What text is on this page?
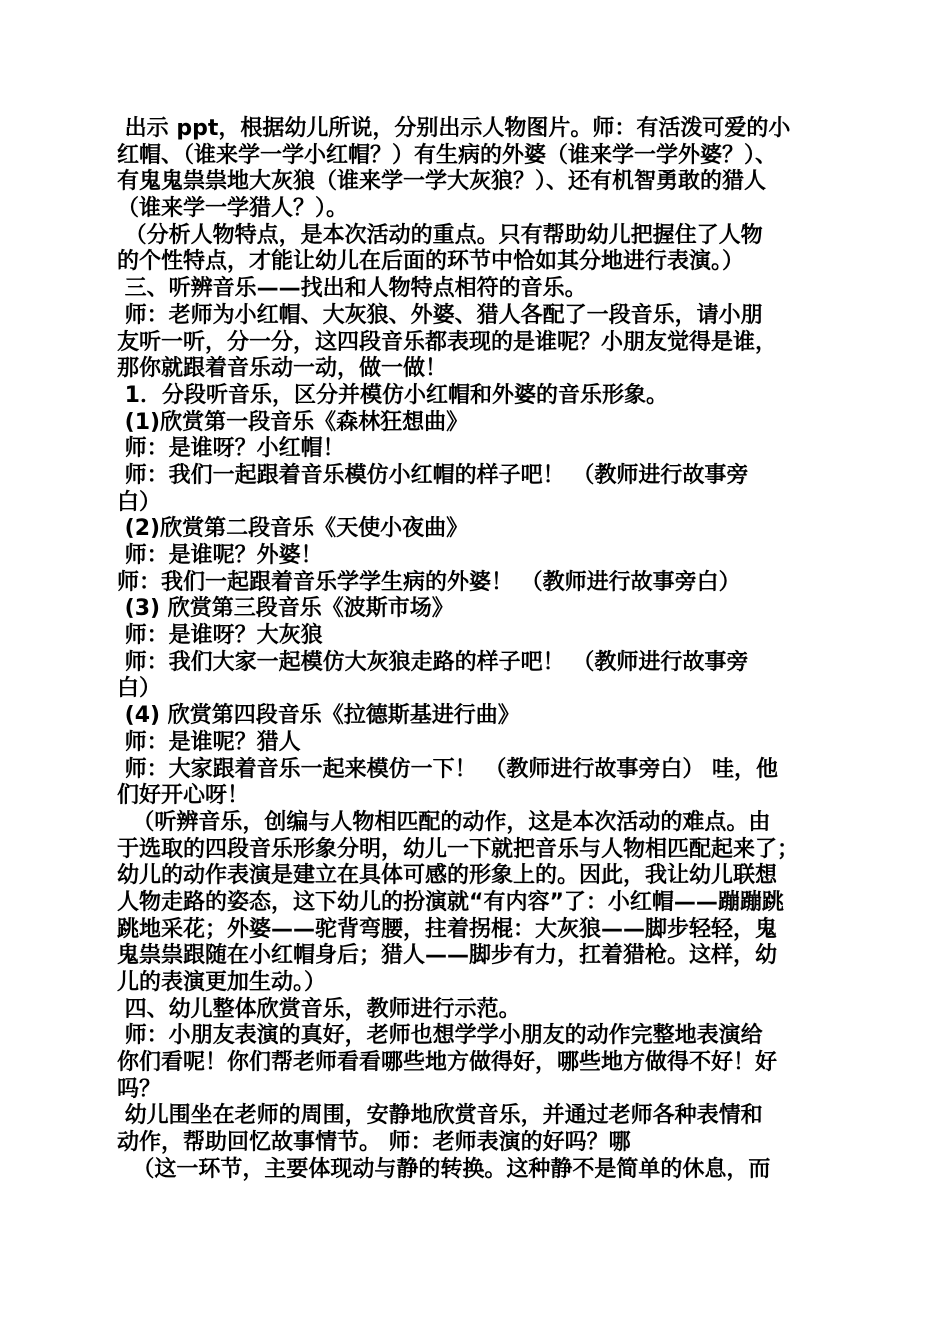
出示 ppt，根据幼儿所说，分别出示人物图片。师：有活泼可爱的小
红帽、（谁来学一学小红帽？）有生病的外婆（谁来学一学外婆？）、
有鬼鬼祟祟地大灰狼（谁来学一学大灰狼？）、还有机智勇敢的猎人
（谁来学一学猎人？）。
（分析人物特点，是本次活动的重点。只有帮助幼儿把握住了人物
的个性特点，才能让幼儿在后面的环节中恰如其分地进行表演。）
三、听辨音乐——找出和人物特点相符的音乐。
师：老师为小红帽、大灰狼、外婆、猎人各配了一段音乐，请小朋
友听一听，分一分，这四段音乐都表现的是谁呢？小朋友觉得是谁，
那你就跟着音乐动一动，做一做！
1．分段听音乐，区分并模仿小红帽和外婆的音乐形象。
(1)欣赏第一段音乐《森林狂想曲》
师：是谁呀？小红帽！
师：我们一起跟着音乐模仿小红帽的样子吧！ （教师进行故事旁
白）
(2)欣赏第二段音乐《天使小夜曲》
师：是谁呢？外婆！
师：我们一起跟着音乐学学生病的外婆！ （教师进行故事旁白）
(3) 欣赏第三段音乐《波斯市场》
师：是谁呀？大灰狼
师：我们大家一起模仿大灰狼走路的样子吧！ （教师进行故事旁
白）
(4) 欣赏第四段音乐《拉德斯基进行曲》
师：是谁呢？猎人
师：大家跟着音乐一起来模仿一下！ （教师进行故事旁白） 哇，他
们好开心呀！
（听辨音乐，创编与人物相匹配的动作，这是本次活动的难点。由
于选取的四段音乐形象分明，幼儿一下就把音乐与人物相匹配起来了；
幼儿的动作表演是建立在具体可感的形象上的。因此，我让幼儿联想
人物走路的姿态，这下幼儿的扮演就“有内容”了：小红帽——蹦蹦跳
跳地采花；外婆——驼背弯腰，拄着拐棍：大灰狼——脚步轻轻，鬼
鬼祟祟跟随在小红帽身后；猎人——脚步有力，扛着猎枪。这样，幼
儿的表演更加生动。）
四、幼儿整体欣赏音乐，教师进行示范。
师：小朋友表演的真好，老师也想学学小朋友的动作完整地表演给
你们看呢！你们帮老师看看哪些地方做得好，哪些地方做得不好！好
吗？
幼儿围坐在老师的周围，安静地欣赏音乐，并通过老师各种表情和
动作，帮助回忆故事情节。 师：老师表演的好吗？哪
（这一环节，主要体现动与静的转换。这种静不是简单的休息，而
